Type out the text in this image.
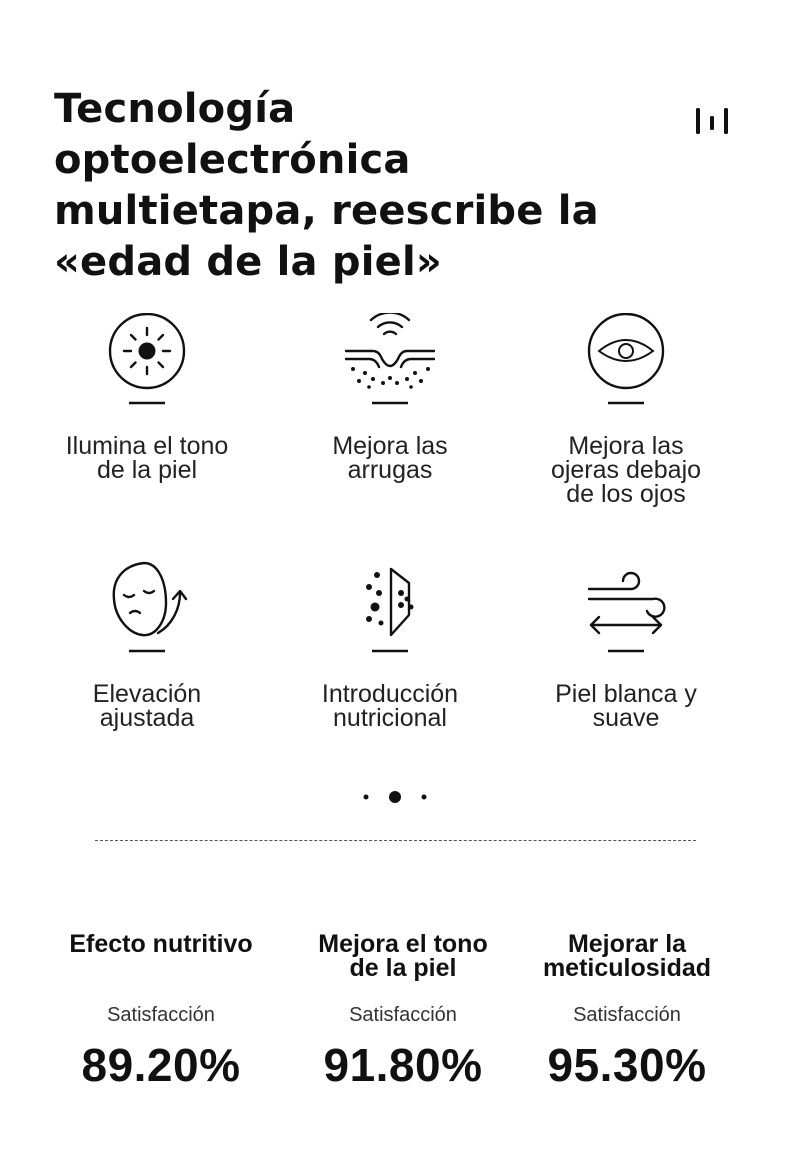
Tecnología optoelectrónica
multietapa, reescribe la
«edad de la piel»
Ilumina el tono
de la piel
Mejora las
arrugas
Mejora las
ojeras debajo
de los ojos
Elevación
ajustada
Introducción
nutricional
Piel blanca y
suave
Efecto nutritivo
Satisfacción
89.20%
Mejora el tono
de la piel
Satisfacción
91.80%
Mejorar la
meticulosidad
Satisfacción
95.30%
